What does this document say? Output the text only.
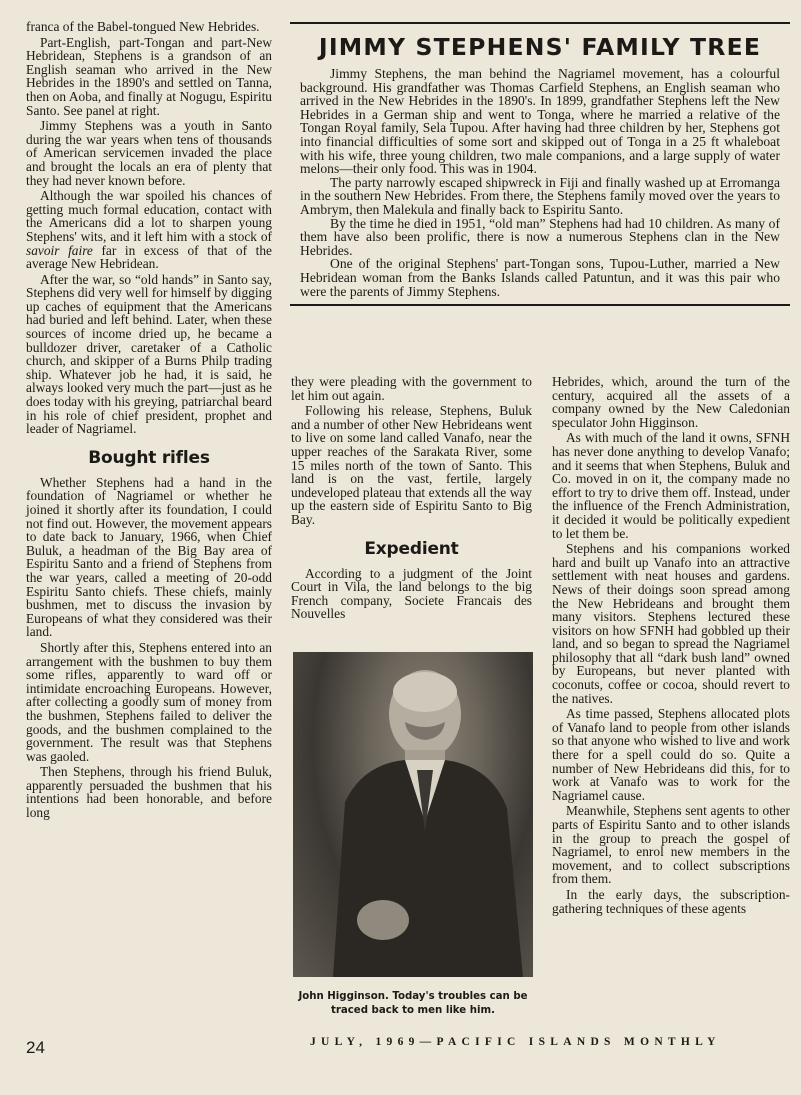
franca of the Babel-tongued New Hebrides.

Part-English, part-Tongan and part-New Hebridean, Stephens is a grandson of an English seaman who arrived in the New Hebrides in the 1890's and settled on Tanna, then on Aoba, and finally at Nogugu, Espiritu Santo. See panel at right.

Jimmy Stephens was a youth in Santo during the war years when tens of thousands of American servicemen invaded the place and brought the locals an era of plenty that they had never known before.

Although the war spoiled his chances of getting much formal education, contact with the Americans did a lot to sharpen young Stephens' wits, and it left him with a stock of savoir faire far in excess of that of the average New Hebridean.

After the war, so “old hands” in Santo say, Stephens did very well for himself by digging up caches of equipment that the Americans had buried and left behind. Later, when these sources of income dried up, he became a bulldozer driver, caretaker of a Catholic church, and skipper of a Burns Philp trading ship. Whatever job he had, it is said, he always looked very much the part—just as he does today with his greying, patriarchal beard in his role of chief president, prophet and leader of Nagriamel.

Bought rifles

Whether Stephens had a hand in the foundation of Nagriamel or whether he joined it shortly after its foundation, I could not find out. However, the movement appears to date back to January, 1966, when Chief Buluk, a headman of the Big Bay area of Espiritu Santo and a friend of Stephens from the war years, called a meeting of 20-odd Espiritu Santo chiefs. These chiefs, mainly bushmen, met to discuss the invasion by Europeans of what they considered was their land.

Shortly after this, Stephens entered into an arrangement with the bushmen to buy them some rifles, apparently to ward off or intimidate encroaching Europeans. However, after collecting a goodly sum of money from the bushmen, Stephens failed to deliver the goods, and the bushmen complained to the government. The result was that Stephens was gaoled.

Then Stephens, through his friend Buluk, apparently persuaded the bushmen that his intentions had been honorable, and before long

JIMMY STEPHENS' FAMILY TREE

Jimmy Stephens, the man behind the Nagriamel movement, has a colourful background. His grandfather was Thomas Carfield Stephens, an English seaman who arrived in the New Hebrides in the 1890's. In 1899, grandfather Stephens left the New Hebrides in a German ship and went to Tonga, where he married a relative of the Tongan Royal family, Sela Tupou. After having had three children by her, Stephens got into financial difficulties of some sort and skipped out of Tonga in a 25 ft whaleboat with his wife, three young children, two male companions, and a large supply of water melons—their only food. This was in 1904.

The party narrowly escaped shipwreck in Fiji and finally washed up at Erromanga in the southern New Hebrides. From there, the Stephens family moved over the years to Ambrym, then Malekula and finally back to Espiritu Santo.

By the time he died in 1951, “old man” Stephens had had 10 children. As many of them have also been prolific, there is now a numerous Stephens clan in the New Hebrides.

One of the original Stephens' part-Tongan sons, Tupou-Luther, married a New Hebridean woman from the Banks Islands called Patuntun, and it was this pair who were the parents of Jimmy Stephens.

they were pleading with the government to let him out again.

Following his release, Stephens, Buluk and a number of other New Hebrideans went to live on some land called Vanafo, near the upper reaches of the Sarakata River, some 15 miles north of the town of Santo. This land is on the vast, fertile, largely undeveloped plateau that extends all the way up the eastern side of Espiritu Santo to Big Bay.

Expedient

According to a judgment of the Joint Court in Vila, the land belongs to the big French company, Societe Francais des Nouvelles

Hebrides, which, around the turn of the century, acquired all the assets of a company owned by the New Caledonian speculator John Higginson.

As with much of the land it owns, SFNH has never done anything to develop Vanafo; and it seems that when Stephens, Buluk and Co. moved in on it, the company made no effort to try to drive them off. Instead, under the influence of the French Administration, it decided it would be politically expedient to let them be.

Stephens and his companions worked hard and built up Vanafo into an attractive settlement with neat houses and gardens. News of their doings soon spread among the New Hebrideans and brought them many visitors. Stephens lectured these visitors on how SFNH had gobbled up their land, and so began to spread the Nagriamel philosophy that all “dark bush land” owned by Europeans, but never planted with coconuts, coffee or cocoa, should revert to the natives.

As time passed, Stephens allocated plots of Vanafo land to people from other islands so that anyone who wished to live and work there for a spell could do so. Quite a number of New Hebrideans did this, for to work at Vanafo was to work for the Nagriamel cause.

Meanwhile, Stephens sent agents to other parts of Espiritu Santo and to other islands in the group to preach the gospel of Nagriamel, to enrol new members in the movement, and to collect subscriptions from them.

In the early days, the subscription-gathering techniques of these agents

John Higginson. Today's troubles can be traced back to men like him.
24	JULY, 1969—PACIFIC ISLANDS MONTHLY
